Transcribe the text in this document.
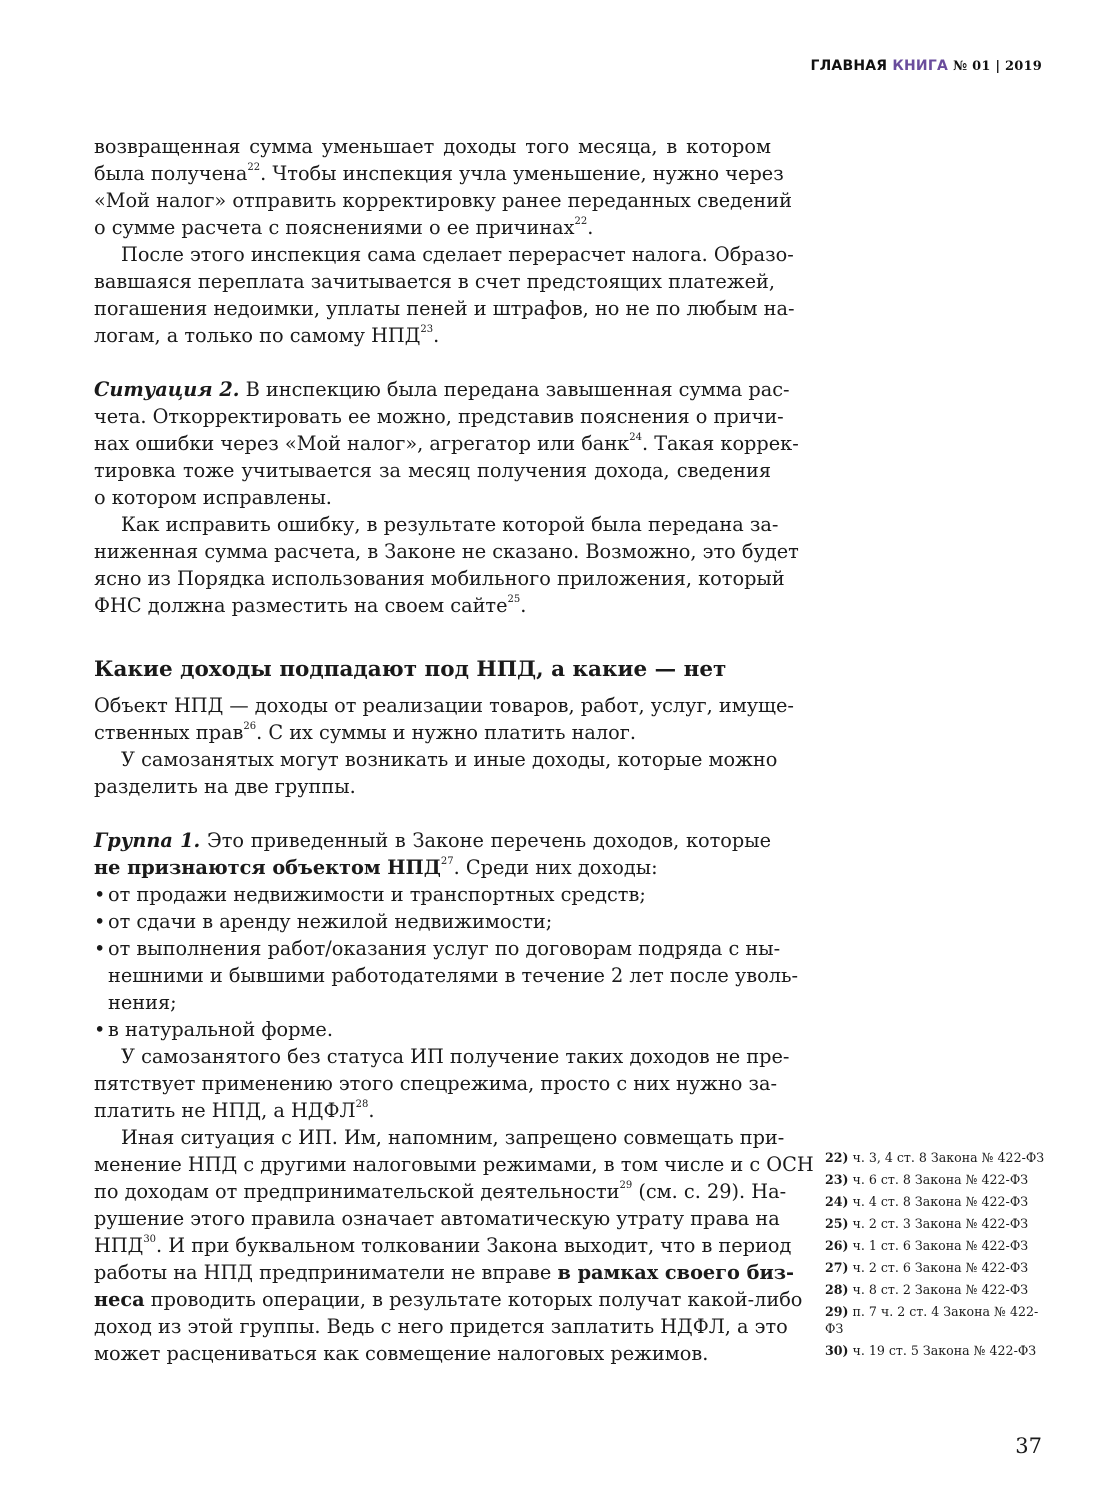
ГЛАВНАЯ КНИГА № 01 | 2019
возвращенная сумма уменьшает доходы того месяца, в котором
была получена$^{22}$. Чтобы инспекция учла уменьшение, нужно через
«Мой налог» отправить корректировку ранее переданных сведений
о сумме расчета с пояснениями о ее причинах$^{22}$.
После этого инспекция сама сделает перерасчет налога. Образо-
вавшаяся переплата зачитывается в счет предстоящих платежей,
погашения недоимки, уплаты пеней и штрафов, но не по любым на-
логам, а только по самому НПД$^{23}$.
Ситуация 2. В инспекцию была передана завышенная сумма рас-
чета. Откорректировать ее можно, представив пояснения о причи-
нах ошибки через «Мой налог», агрегатор или банк$^{24}$. Такая коррек-
тировка тоже учитывается за месяц получения дохода, сведения
о котором исправлены.
Как исправить ошибку, в результате которой была передана за-
ниженная сумма расчета, в Законе не сказано. Возможно, это будет
ясно из Порядка использования мобильного приложения, который
ФНС должна разместить на своем сайте$^{25}$.
Какие доходы подпадают под НПД, а какие — нет
Объект НПД — доходы от реализации товаров, работ, услуг, имуще-
ственных прав$^{26}$. С их суммы и нужно платить налог.
У самозанятых могут возникать и иные доходы, которые можно
разделить на две группы.
Группа 1. Это приведенный в Законе перечень доходов, которые
не признаются объектом НПД$^{27}$. Среди них доходы:
• от продажи недвижимости и транспортных средств;
• от сдачи в аренду нежилой недвижимости;
• от выполнения работ/оказания услуг по договорам подряда с ны-
нешними и бывшими работодателями в течение 2 лет после уволь-
нения;
• в натуральной форме.
У самозанятого без статуса ИП получение таких доходов не пре-
пятствует применению этого спецрежима, просто с них нужно за-
платить не НПД, а НДФЛ$^{28}$.
Иная ситуация с ИП. Им, напомним, запрещено совмещать при-
менение НПД с другими налоговыми режимами, в том числе и с ОСН
по доходам от предпринимательской деятельности$^{29}$ (см. с. 29). На-
рушение этого правила означает автоматическую утрату права на
НПД$^{30}$. И при буквальном толковании Закона выходит, что в период
работы на НПД предприниматели не вправе в рамках своего биз-
неса проводить операции, в результате которых получат какой-либо
доход из этой группы. Ведь с него придется заплатить НДФЛ, а это
может расцениваться как совмещение налоговых режимов.
22) ч. 3, 4 ст. 8 Закона № 422-ФЗ
23) ч. 6 ст. 8 Закона № 422-ФЗ
24) ч. 4 ст. 8 Закона № 422-ФЗ
25) ч. 2 ст. 3 Закона № 422-ФЗ
26) ч. 1 ст. 6 Закона № 422-ФЗ
27) ч. 2 ст. 6 Закона № 422-ФЗ
28) ч. 8 ст. 2 Закона № 422-ФЗ
29) п. 7 ч. 2 ст. 4 Закона № 422-ФЗ
30) ч. 19 ст. 5 Закона № 422-ФЗ
37
